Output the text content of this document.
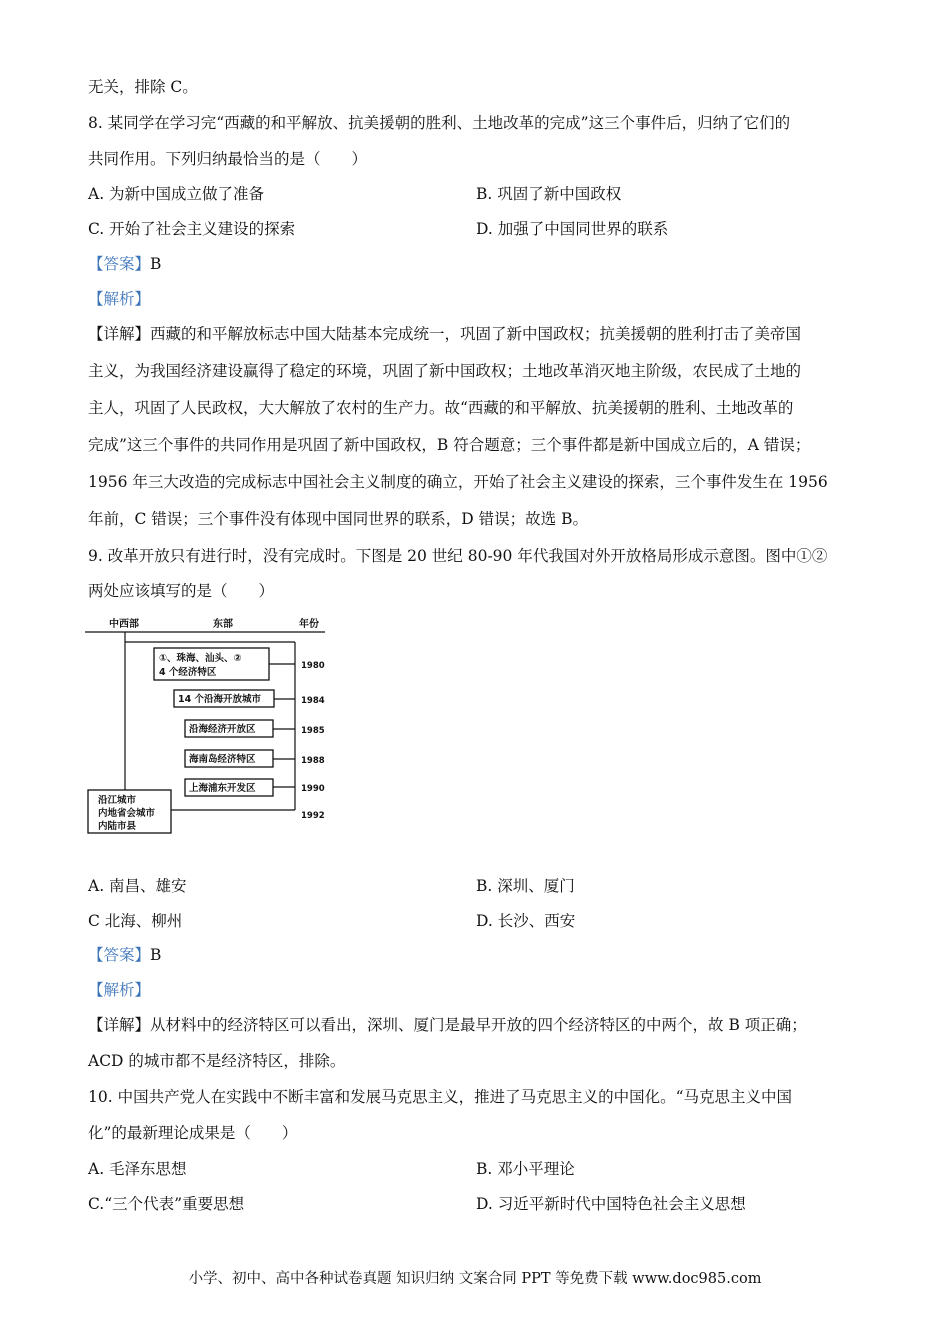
无关，排除 C。
8. 某同学在学习完“西藏的和平解放、抗美援朝的胜利、土地改革的完成”这三个事件后，归纳了它们的
共同作用。下列归纳最恰当的是（　　）
A. 为新中国成立做了准备	B. 巩固了新中国政权
C. 开始了社会主义建设的探索	D. 加强了中国同世界的联系
【答案】B
【解析】
【详解】西藏的和平解放标志中国大陆基本完成统一，巩固了新中国政权；抗美援朝的胜利打击了美帝国
主义，为我国经济建设赢得了稳定的环境，巩固了新中国政权；土地改革消灭地主阶级，农民成了土地的
主人，巩固了人民政权，大大解放了农村的生产力。故“西藏的和平解放、抗美援朝的胜利、土地改革的
完成”这三个事件的共同作用是巩固了新中国政权，B 符合题意；三个事件都是新中国成立后的，A 错误；
1956 年三大改造的完成标志中国社会主义制度的确立，开始了社会主义建设的探索，三个事件发生在 1956
年前，C 错误；三个事件没有体现中国同世界的联系，D 错误；故选 B。
9. 改革开放只有进行时，没有完成时。下图是 20 世纪 80-90 年代我国对外开放格局形成示意图。图中①②
两处应该填写的是（　　）
中西部	东部	年份
①、珠海、汕头、②
4 个经济特区
14 个沿海开放城市
沿海经济开放区
海南岛经济特区
上海浦东开发区
沿江城市
内地省会城市
内陆市县
1980
1984
1985
1988
1990
1992
A. 南昌、雄安	B. 深圳、厦门
C 北海、柳州	D. 长沙、西安
【答案】B
【解析】
【详解】从材料中的经济特区可以看出，深圳、厦门是最早开放的四个经济特区的中两个，故 B 项正确；
ACD 的城市都不是经济特区，排除。
10. 中国共产党人在实践中不断丰富和发展马克思主义，推进了马克思主义的中国化。“马克思主义中国
化”的最新理论成果是（　　）
A. 毛泽东思想	B. 邓小平理论
C.“三个代表”重要思想	D. 习近平新时代中国特色社会主义思想
小学、初中、高中各种试卷真题 知识归纳 文案合同 PPT 等免费下载 www.doc985.com
